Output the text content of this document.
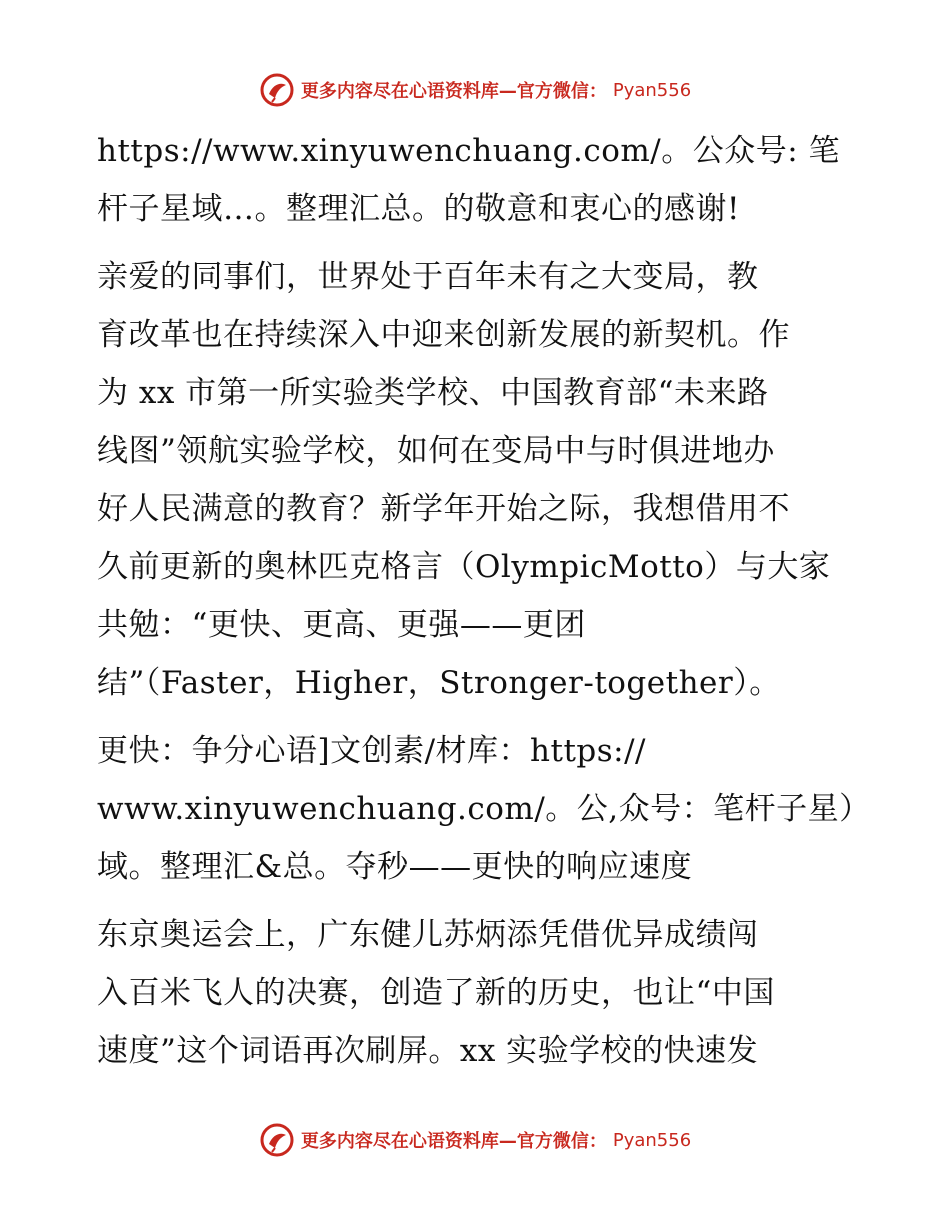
更多内容尽在心语资料库—官方微信： Pyan556
https://www.xinyuwenchuang.com/。公众号: 笔
杆子星域…。整理汇总。的敬意和衷心的感谢!
亲爱的同事们，世界处于百年未有之大变局，教
育改革也在持续深入中迎来创新发展的新契机。作
为 xx 市第一所实验类学校、中国教育部“未来路
线图”领航实验学校，如何在变局中与时俱进地办
好人民满意的教育？新学年开始之际，我想借用不
久前更新的奥林匹克格言（OlympicMotto）与大家
共勉：“更快、更高、更强——更团
结”（Faster，Higher，Stronger-together）。
更快：争分心语]文创素/材库：https://
www.xinyuwenchuang.com/。公,众号：笔杆子星）
域。整理汇&总。夺秒——更快的响应速度
东京奥运会上，广东健儿苏炳添凭借优异成绩闯
入百米飞人的决赛，创造了新的历史，也让“中国
速度”这个词语再次刷屏。xx 实验学校的快速发
更多内容尽在心语资料库—官方微信： Pyan556
